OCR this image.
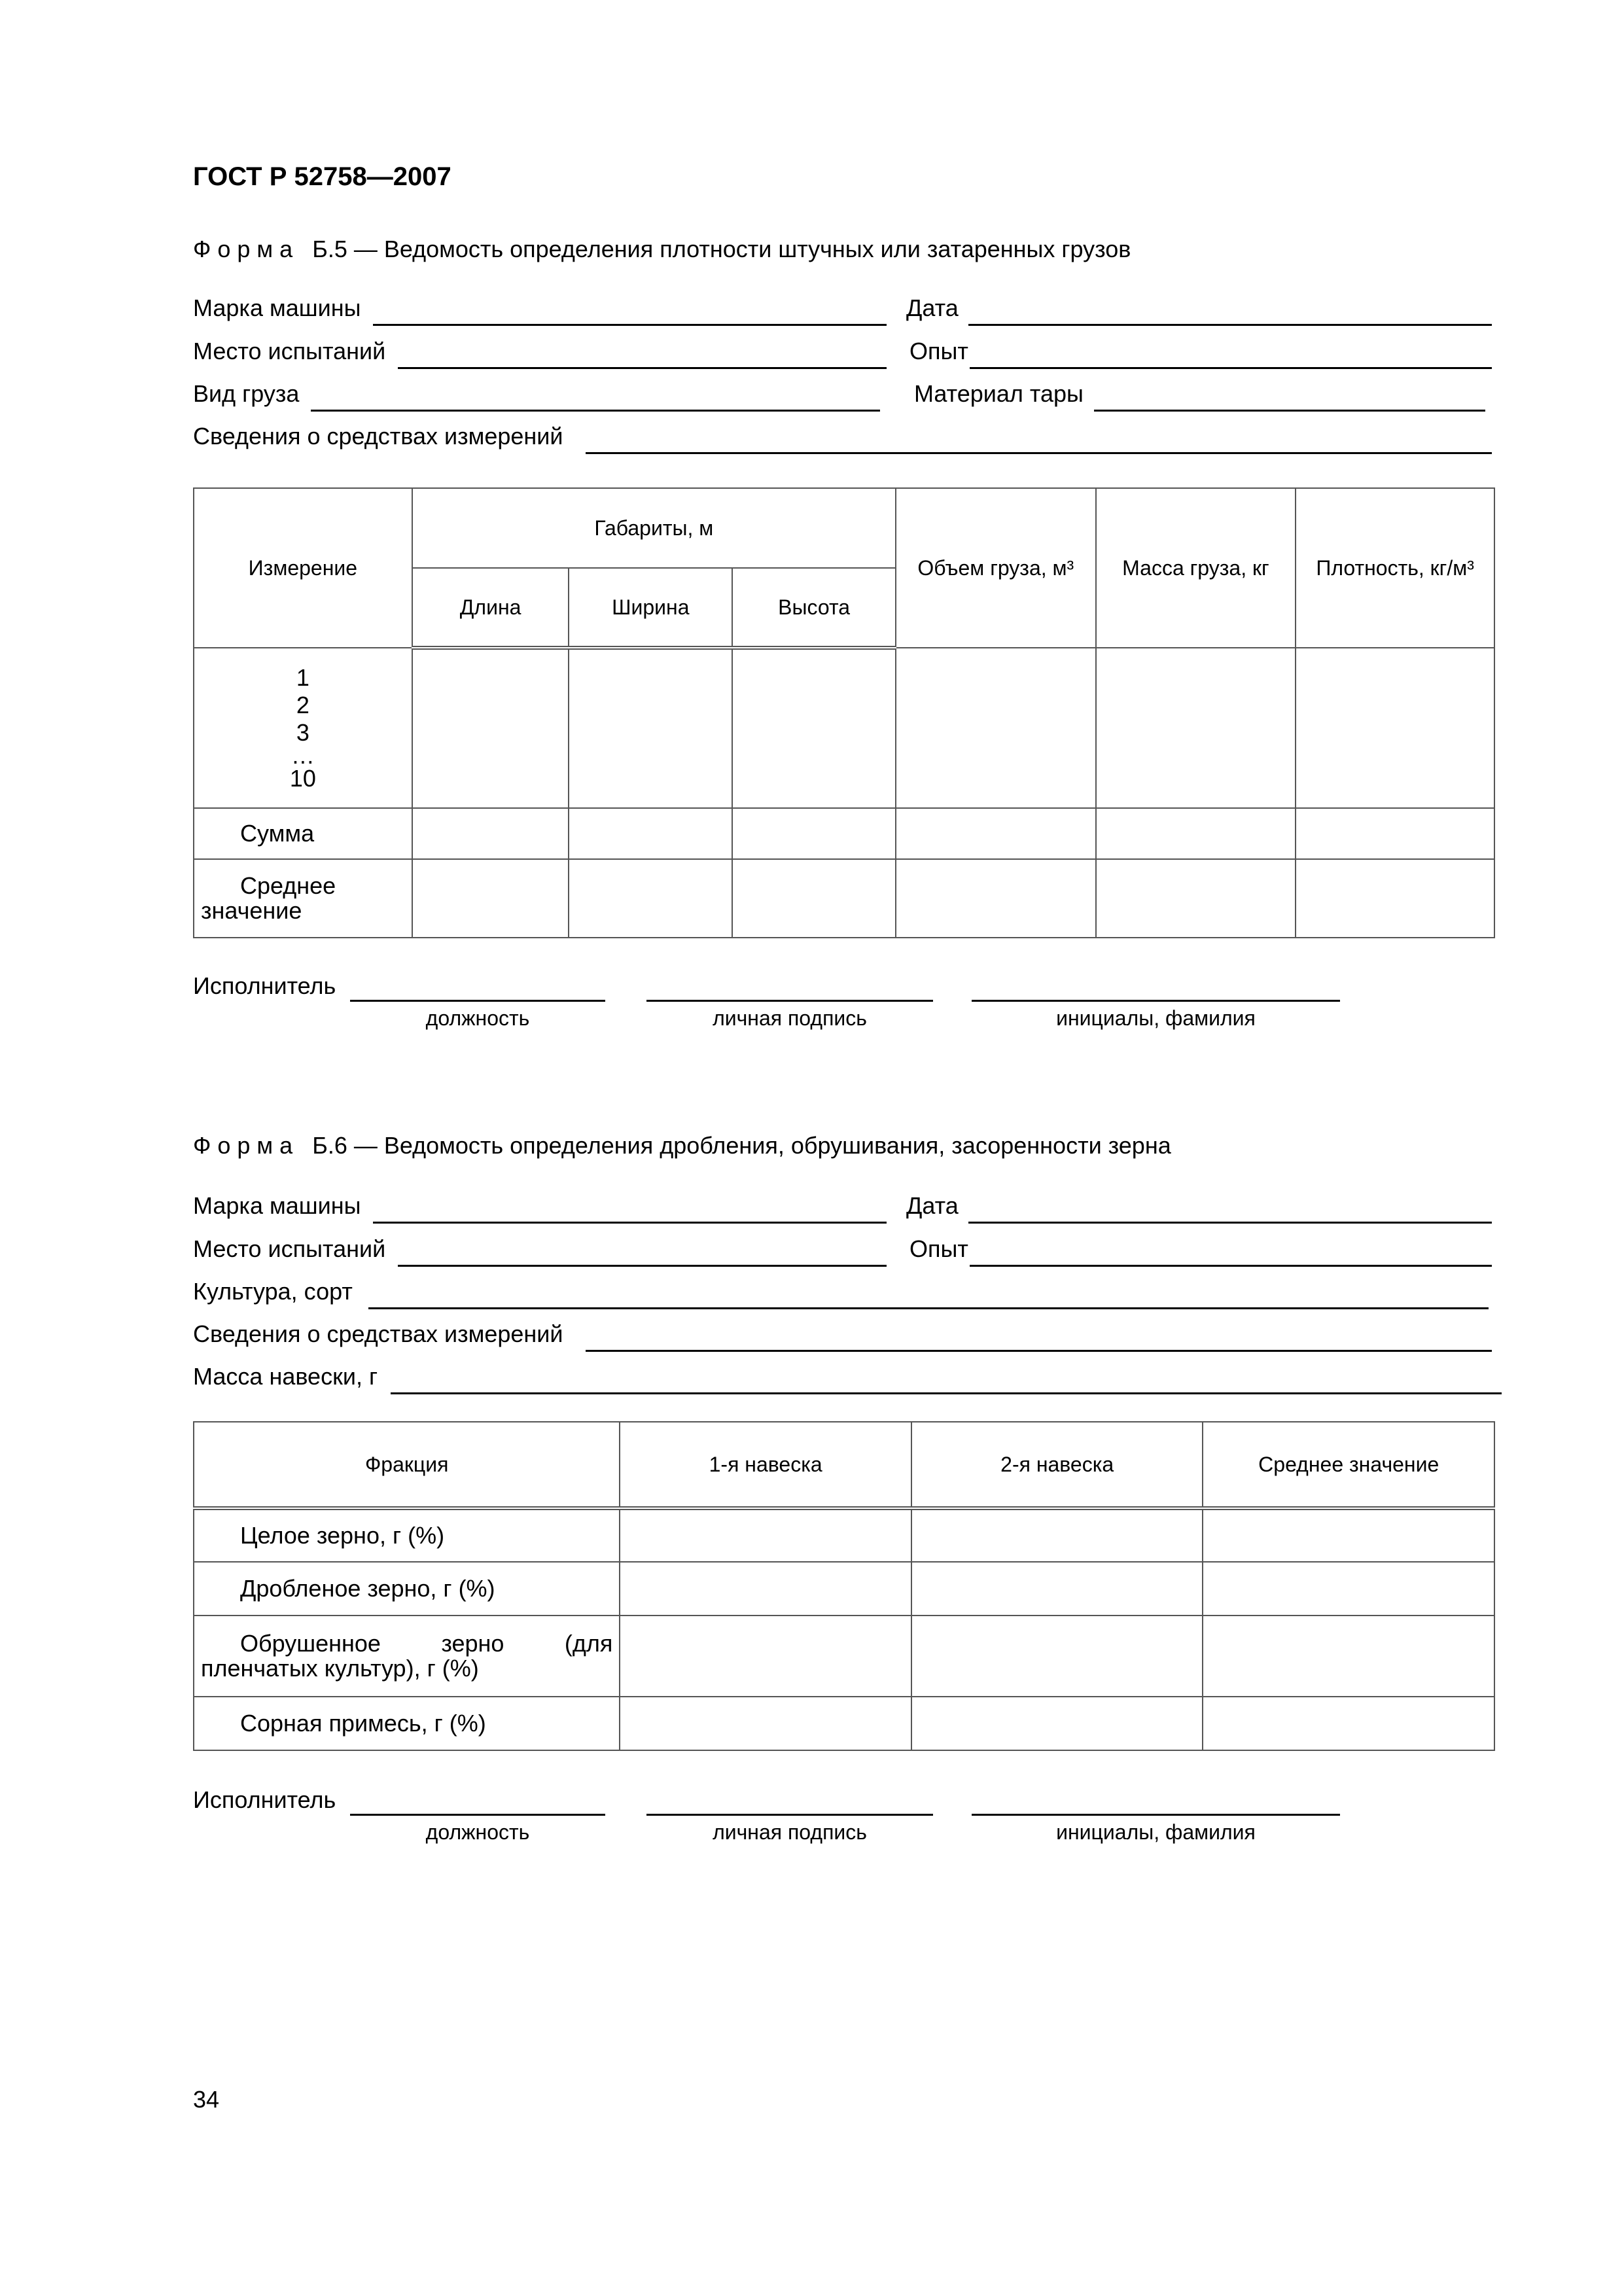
ГОСТ Р 52758—2007
Форма Б.5 — Ведомость определения плотности штучных или затаренных грузов
Марка машины	Дата
Место испытаний	Опыт
Вид груза	Материал тары
Сведения о средствах измерений
Измерение	Габариты, м			Объем груза, м³	Масса груза, кг	Плотность, кг/м³
	Длина	Ширина	Высота			

1
2
3
…
10						

Сумма						
Среднее значение						
Исполнитель
должность	личная подпись	инициалы, фамилия
Форма Б.6 — Ведомость определения дробления, обрушивания, засоренности зерна
Марка машины	Дата
Место испытаний	Опыт
Культура, сорт
Сведения о средствах измерений
Масса навески, г
Фракция	1-я навеска	2-я навеска	Среднее значение
Целое зерно, г (%)			
Дробленое зерно, г (%)			
Обрушенное зерно (для пленчатых культур), г (%)			
Сорная примесь, г (%)			
Исполнитель
должность	личная подпись	инициалы, фамилия
34
